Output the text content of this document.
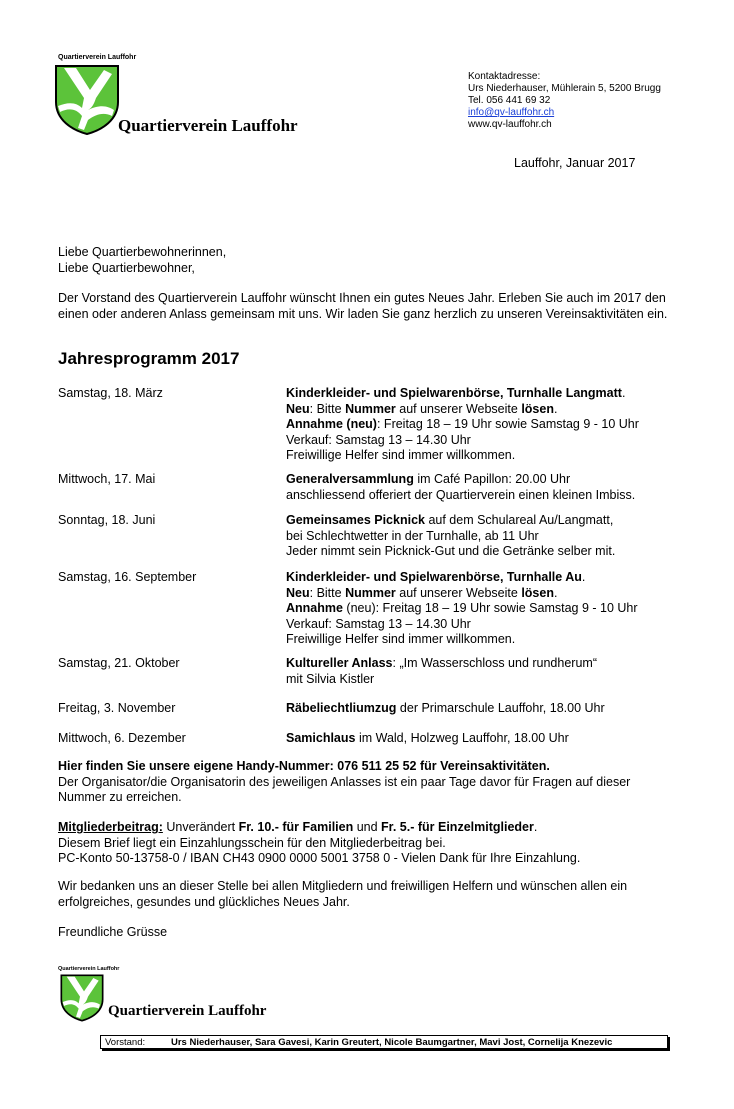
Quartierverein Lauffohr
Quartierverein Lauffohr
Kontaktadresse:
Urs Niederhauser, Mühlerain 5, 5200 Brugg
Tel. 056 441 69 32
info@qv-lauffohr.ch
www.qv-lauffohr.ch
Lauffohr, Januar 2017
Liebe Quartierbewohnerinnen,
Liebe Quartierbewohner,
Der Vorstand des Quartierverein Lauffohr wünscht Ihnen ein gutes Neues Jahr. Erleben Sie auch im 2017 den einen oder anderen Anlass gemeinsam mit uns. Wir laden Sie ganz herzlich zu unseren Vereinsaktivitäten ein.
Jahresprogramm 2017
Samstag, 18. März	Kinderkleider- und Spielwarenbörse, Turnhalle Langmatt.
Neu: Bitte Nummer auf unserer Webseite lösen.
Annahme (neu): Freitag 18 – 19 Uhr sowie Samstag 9 - 10 Uhr
Verkauf: Samstag 13 – 14.30 Uhr
Freiwillige Helfer sind immer willkommen.
Mittwoch, 17. Mai	Generalversammlung im Café Papillon: 20.00 Uhr
anschliessend offeriert der Quartierverein einen kleinen Imbiss.
Sonntag, 18. Juni	Gemeinsames Picknick auf dem Schulareal Au/Langmatt,
bei Schlechtwetter in der Turnhalle, ab 11 Uhr
Jeder nimmt sein Picknick-Gut und die Getränke selber mit.
Samstag, 16. September	Kinderkleider- und Spielwarenbörse, Turnhalle Au.
Neu: Bitte Nummer auf unserer Webseite lösen.
Annahme (neu): Freitag 18 – 19 Uhr sowie Samstag 9 - 10 Uhr
Verkauf: Samstag 13 – 14.30 Uhr
Freiwillige Helfer sind immer willkommen.
Samstag, 21. Oktober	Kultureller Anlass: „Im Wasserschloss und rundherum“
mit Silvia Kistler
Freitag, 3. November	Räbeliechtliumzug der Primarschule Lauffohr, 18.00 Uhr
Mittwoch, 6. Dezember	Samichlaus im Wald, Holzweg Lauffohr, 18.00 Uhr
Hier finden Sie unsere eigene Handy-Nummer: 076 511 25 52 für Vereinsaktivitäten.
Der Organisator/die Organisatorin des jeweiligen Anlasses ist ein paar Tage davor für Fragen auf dieser Nummer zu erreichen.
Mitgliederbeitrag: Unverändert Fr. 10.- für Familien und Fr. 5.- für Einzelmitglieder.
Diesem Brief liegt ein Einzahlungsschein für den Mitgliederbeitrag bei.
PC-Konto 50-13758-0 / IBAN CH43 0900 0000 5001 3758 0 - Vielen Dank für Ihre Einzahlung.
Wir bedanken uns an dieser Stelle bei allen Mitgliedern und freiwilligen Helfern und wünschen allen ein erfolgreiches, gesundes und glückliches Neues Jahr.
Freundliche Grüsse
Quartierverein Lauffohr
Quartierverein Lauffohr
Vorstand:	Urs Niederhauser, Sara Gavesi, Karin Greutert, Nicole Baumgartner, Mavi Jost, Cornelija Knezevic
